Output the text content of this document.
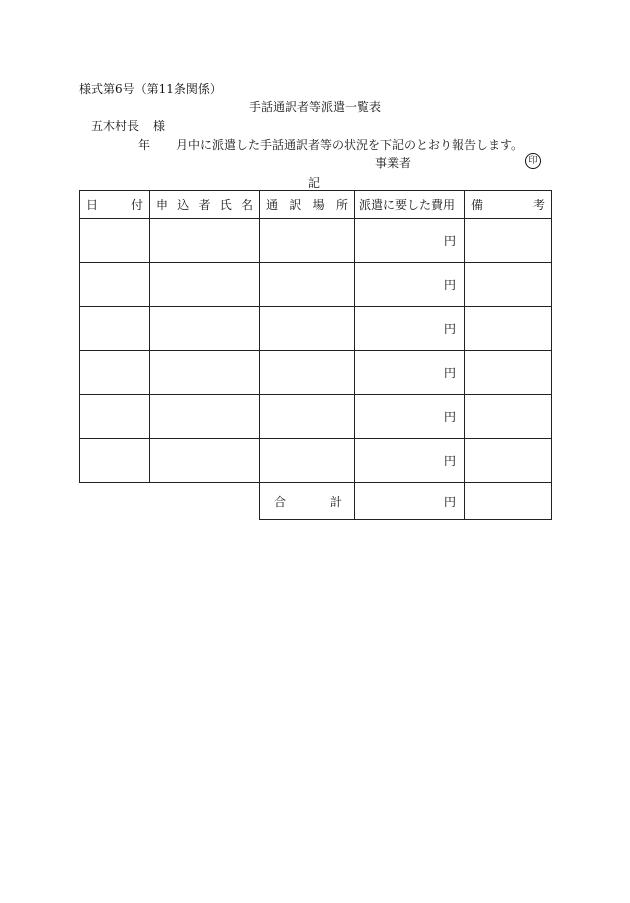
様式第6号（第11条関係）
手話通訳者等派遣一覧表
五木村長 様
年 月中に派遣した手話通訳者等の状況を下記のとおり報告します。
事業者	印
記
日 付	申 込 者 氏 名	通 訳 場 所	派遣に要した費用	備 考

			円	
			円	
			円	
			円	
			円	
			円	

		合 計	円	
